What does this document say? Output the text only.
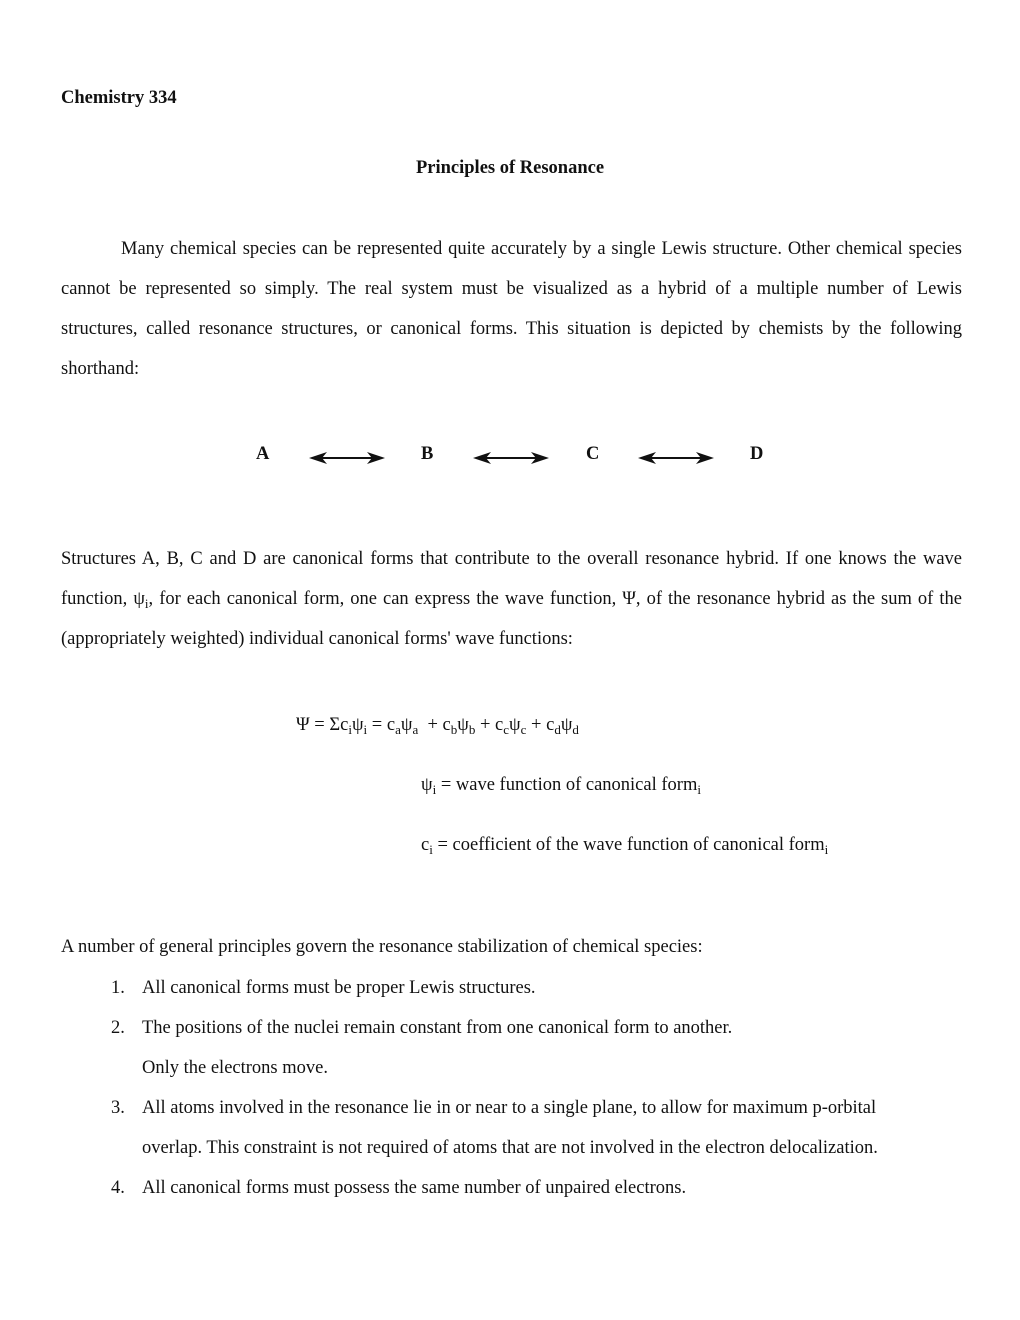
Chemistry 334
Principles of Resonance
Many chemical species can be represented quite accurately by a single Lewis structure. Other chemical species cannot be represented so simply. The real system must be visualized as a hybrid of a multiple number of Lewis structures, called resonance structures, or canonical forms. This situation is depicted by chemists by the following shorthand:
A	B	C	D
Structures A, B, C and D are canonical forms that contribute to the overall resonance hybrid. If one knows the wave function, $\psi_i$, for each canonical form, one can express the wave function, Ψ, of the resonance hybrid as the sum of the (appropriately weighted) individual canonical forms' wave functions:
$\Psi = \Sigma c_i\psi_i = c_a\psi_a + c_b\psi_b + c_c\psi_c + c_d\psi_d$
$\psi_i$ = wave function of canonical form$_i$
$c_i$ = coefficient of the wave function of canonical form$_i$
A number of general principles govern the resonance stabilization of chemical species:
1. All canonical forms must be proper Lewis structures.
2. The positions of the nuclei remain constant from one canonical form to another.
Only the electrons move.
3. All atoms involved in the resonance lie in or near to a single plane, to allow for maximum p-orbital
overlap. This constraint is not required of atoms that are not involved in the electron delocalization.
4. All canonical forms must possess the same number of unpaired electrons.
